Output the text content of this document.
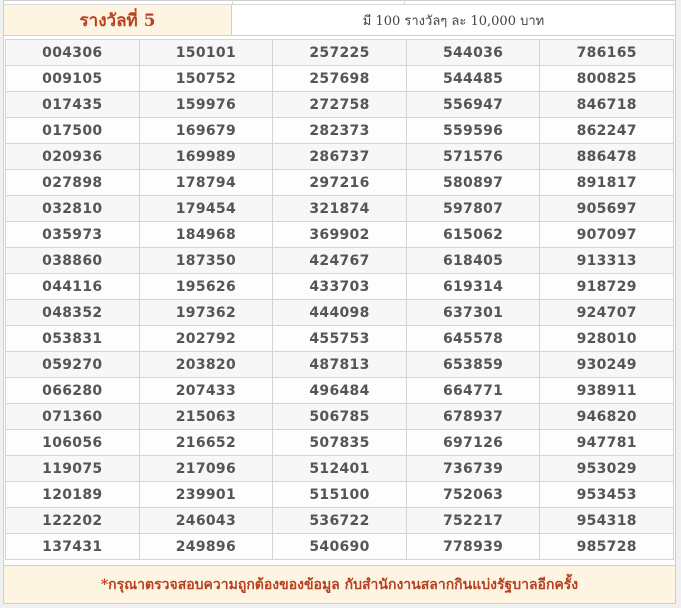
รางวัลที่ 5	มี 100 รางวัลๆ ละ 10,000 บาท
004306	150101	257225	544036	786165
009105	150752	257698	544485	800825
017435	159976	272758	556947	846718
017500	169679	282373	559596	862247
020936	169989	286737	571576	886478
027898	178794	297216	580897	891817
032810	179454	321874	597807	905697
035973	184968	369902	615062	907097
038860	187350	424767	618405	913313
044116	195626	433703	619314	918729
048352	197362	444098	637301	924707
053831	202792	455753	645578	928010
059270	203820	487813	653859	930249
066280	207433	496484	664771	938911
071360	215063	506785	678937	946820
106056	216652	507835	697126	947781
119075	217096	512401	736739	953029
120189	239901	515100	752063	953453
122202	246043	536722	752217	954318
137431	249896	540690	778939	985728
*กรุณาตรวจสอบความถูกต้องของข้อมูล กับสำนักงานสลากกินแบ่งรัฐบาลอีกครั้ง
